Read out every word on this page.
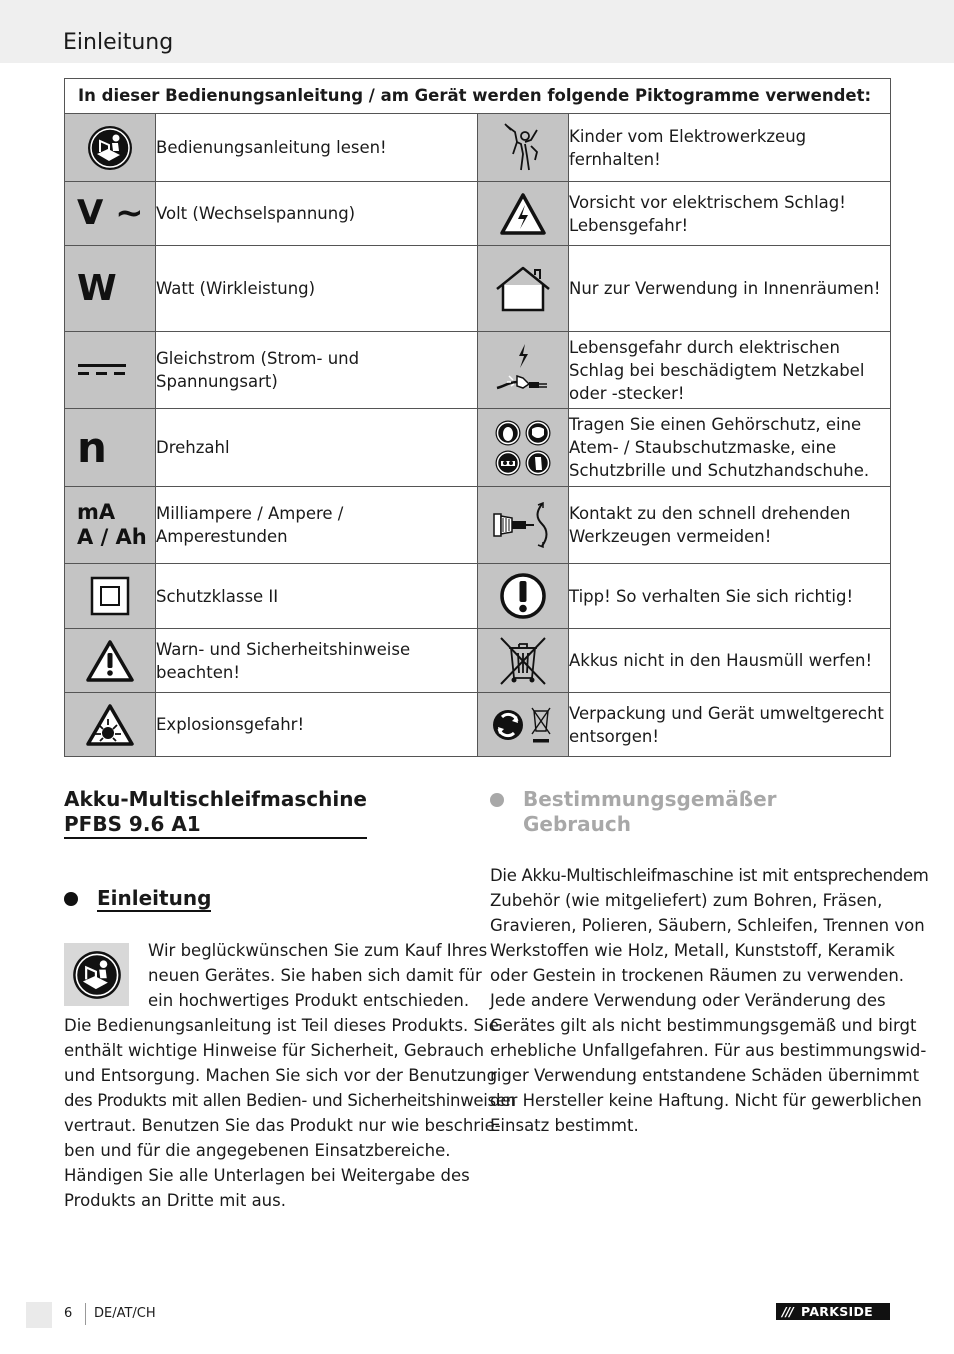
Einleitung
In dieser Bedienungsanleitung / am Gerät werden folgende Piktogramme verwendet:			

	Bedienungsanleitung lesen!		Kinder vom Elektrowerkzeug fernhalten!

V ~	Volt (Wechselspannung)		Vorsicht vor elektrischem Schlag! Lebensgefahr!

W	Watt (Wirkleistung)		Nur zur Verwendung in Innenräumen!

	Gleichstrom (Strom- und Spannungsart)		Lebensgefahr durch elektrischen Schlag bei beschädigtem Netzkabel oder -stecker!

n	Drehzahl		Tragen Sie einen Gehörschutz, eine Atem- / Staubschutzmaske, eine Schutzbrille und Schutzhandschuhe.

mA
A / Ah	Milliampere / Ampere / Amperestunden		Kontakt zu den schnell drehenden Werkzeugen vermeiden!

	Schutzklasse II		Tipp! So verhalten Sie sich richtig!

	Warn- und Sicherheitshinweise beachten!		Akkus nicht in den Hausmüll werfen!

	Explosionsgefahr!		Verpackung und Gerät umweltgerecht entsorgen!
Akku-Multischleifmaschine
PFBS 9.6 A1
Einleitung
Wir beglückwünschen Sie zum Kauf Ihres
neuen Gerätes. Sie haben sich damit für
ein hochwertiges Produkt entschieden.
Die Bedienungsanleitung ist Teil dieses Produkts. Sie
enthält wichtige Hinweise für Sicherheit, Gebrauch
und Entsorgung. Machen Sie sich vor der Benutzung
des Produkts mit allen Bedien- und Sicherheitshinweisen
vertraut. Benutzen Sie das Produkt nur wie beschrie-
ben und für die angegebenen Einsatzbereiche.
Händigen Sie alle Unterlagen bei Weitergabe des
Produkts an Dritte mit aus.
Bestimmungsgemäßer
Gebrauch
Die Akku-Multischleifmaschine ist mit entsprechendem
Zubehör (wie mitgeliefert) zum Bohren, Fräsen,
Gravieren, Polieren, Säubern, Schleifen, Trennen von
Werkstoffen wie Holz, Metall, Kunststoff, Keramik
oder Gestein in trockenen Räumen zu verwenden.
Jede andere Verwendung oder Veränderung des
Gerätes gilt als nicht bestimmungsgemäß und birgt
erhebliche Unfallgefahren. Für aus bestimmungswid-
riger Verwendung entstandene Schäden übernimmt
der Hersteller keine Haftung. Nicht für gewerblichen
Einsatz bestimmt.
6 DE/AT/CH	/// PARKSIDE
